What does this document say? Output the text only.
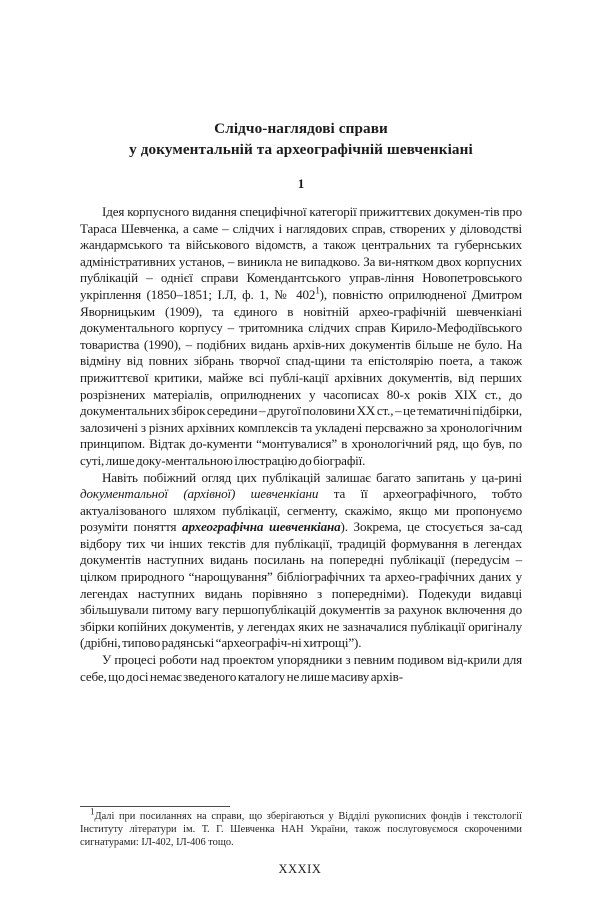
Слідчо-наглядові справи
у документальній та археографічній шевченкіані
1

Ідея корпусного видання специфічної категорії прижиттєвих докумен-тів про Тараса Шевченка, а саме – слідчих і наглядових справ, створених у діловодстві жандармського та військового відомств, а також центральних та губернських адміністративних установ, – виникла не випадково. За ви-нятком двох корпусних публікацій – однієї справи Комендантського управ-ління Новопетровського укріплення (1850–1851; І.Л, ф. 1, № $402^1$), повністю оприлюдненої Дмитром Яворницьким (1909), та єдиного в новітній архео-графічній шевченкіані документального корпусу – тритомника слідчих справ Кирило-Мефодіївського товариства (1990), – подібних видань архів-них документів більше не було. На відміну від повних зібрань творчої спад-щини та епістолярію поета, а також прижиттєвої критики, майже всі публі-кації архівних документів, від перших розрізнених матеріалів, оприлюднених у часописах 80-х років ХІХ ст., до документальних збірок середини – другої половини ХХ ст., – це тематичні підбірки, залозичені з різних архівних комплексів та укладені персважно за хронологічним принципом. Відтак до-кументи “монтувалися” в хронологічний ряд, що був, по суті, лише доку-ментальною ілюстрацію до біографії.

Навіть побіжний огляд цих публікацій залишає багато запитань у ца-рині документальної (архівної) шевченкіани та її археографічного, тобто актуалізованого шляхом публікації, сегменту, скажімо, якщо ми пропонуємо розуміти поняття археографічна шевченкіана). Зокрема, це стосується за-сад відбору тих чи інших текстів для публікації, традицій формування в легендах документів наступних видань посилань на попередні публікації (передусім – цілком природного “нарощування” бібліографічних та архео-графічних даних у легендах наступних видань порівняно з попередніми). Подекуди видавці збільшували питому вагу першопублікацій документів за рахунок включення до збірки копійних документів, у легендах яких не зазначалися публікації оригіналу (дрібні, типово радянські “археографіч-ні хитрощі”).

У процесі роботи над проектом упорядники з певним подивом від-крили для себе, що досі немає зведеного каталогу не лише масиву архів-

$^1$Далі при посиланнях на справи, що зберігаються у Відділі рукописних фондів і текстології Інституту літератури ім. Т. Г. Шевченка НАН України, також послуговуємося скороченими сигнатурами: ІЛ-402, ІЛ-406 тощо.
XXXIX
